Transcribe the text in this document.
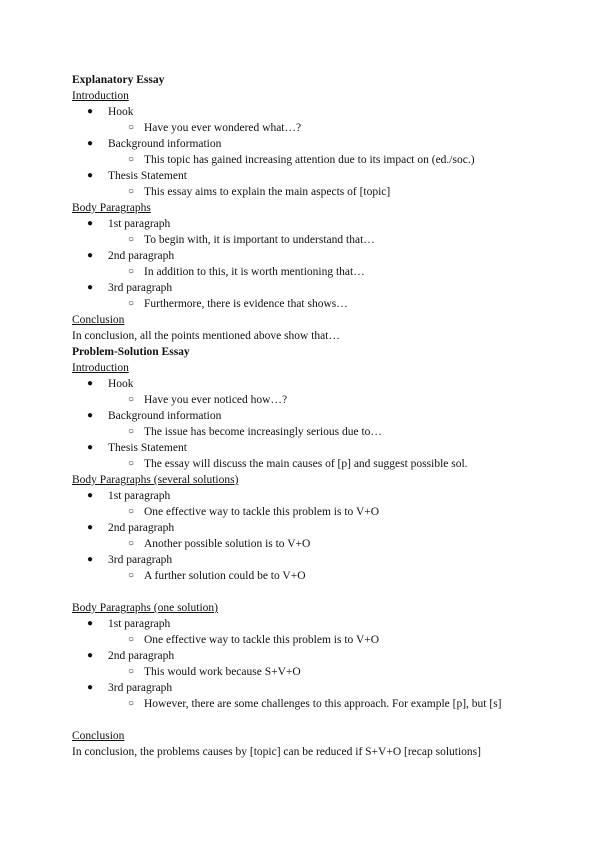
Explanatory Essay
Introduction
● Hook
○ Have you ever wondered what…?
● Background information
○ This topic has gained increasing attention due to its impact on (ed./soc.)
● Thesis Statement
○ This essay aims to explain the main aspects of [topic]
Body Paragraphs
● 1st paragraph
○ To begin with, it is important to understand that…
● 2nd paragraph
○ In addition to this, it is worth mentioning that…
● 3rd paragraph
○ Furthermore, there is evidence that shows…
Conclusion
In conclusion, all the points mentioned above show that…
Problem-Solution Essay
Introduction
● Hook
○ Have you ever noticed how…?
● Background information
○ The issue has become increasingly serious due to…
● Thesis Statement
○ The essay will discuss the main causes of [p] and suggest possible sol.
Body Paragraphs (several solutions)
● 1st paragraph
○ One effective way to tackle this problem is to V+O
● 2nd paragraph
○ Another possible solution is to V+O
● 3rd paragraph
○ A further solution could be to V+O
Body Paragraphs (one solution)
● 1st paragraph
○ One effective way to tackle this problem is to V+O
● 2nd paragraph
○ This would work because S+V+O
● 3rd paragraph
○ However, there are some challenges to this approach. For example [p], but [s]
Conclusion
In conclusion, the problems causes by [topic] can be reduced if S+V+O [recap solutions]
